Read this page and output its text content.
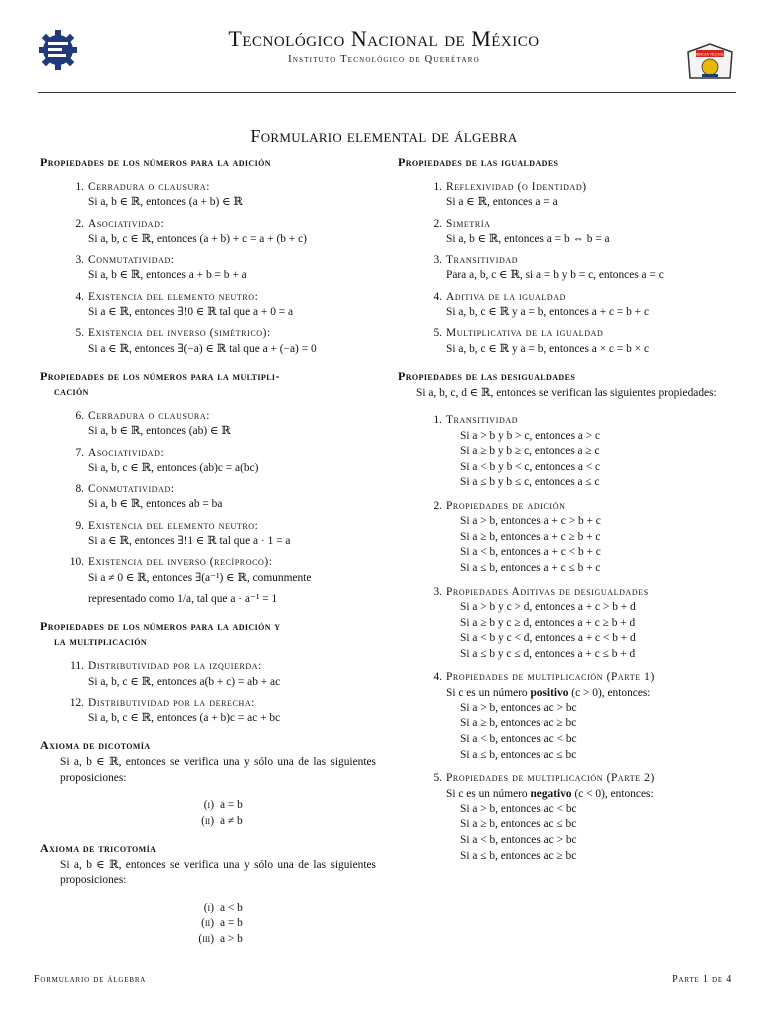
Tecnológico Nacional de México
Instituto Tecnológico de Querétaro	CIENCIA TÉCNICA
Formulario elemental de álgebra
Propiedades de los números para la adición
1. Cerradura o clausura:
Si a, b ∈ ℝ, entonces (a + b) ∈ ℝ
2. Asociatividad:
Si a, b, c ∈ ℝ, entonces (a + b) + c = a + (b + c)
3. Conmutatividad:
Si a, b ∈ ℝ, entonces a + b = b + a
4. Existencia del elemento neutro:
Si a ∈ ℝ, entonces ∃!0 ∈ ℝ tal que a + 0 = a
5. Existencia del inverso (simétrico):
Si a ∈ ℝ, entonces ∃(−a) ∈ ℝ tal que a + (−a) = 0
Propiedades de los números para la multipli-
cación
6. Cerradura o clausura:
Si a, b ∈ ℝ, entonces (ab) ∈ ℝ
7. Asociatividad:
Si a, b, c ∈ ℝ, entonces (ab)c = a(bc)
8. Conmutatividad:
Si a, b ∈ ℝ, entonces ab = ba
9. Existencia del elemento neutro:
Si a ∈ ℝ, entonces ∃!1 ∈ ℝ tal que a · 1 = a
10. Existencia del inverso (recíproco):
Si a ≠ 0 ∈ ℝ, entonces ∃(a⁻¹) ∈ ℝ, comunmente
representado como 1/a, tal que a · a⁻¹ = 1
Propiedades de los números para la adición y
la multiplicación
11. Distributividad por la izquierda:
Si a, b, c ∈ ℝ, entonces a(b + c) = ab + ac
12. Distributividad por la derecha:
Si a, b, c ∈ ℝ, entonces (a + b)c = ac + bc
Axioma de dicotomía
Si a, b ∈ ℝ, entonces se verifica una y sólo una de las siguientes proposiciones:
(i) a = b
(ii) a ≠ b
Axioma de tricotomía
Si a, b ∈ ℝ, entonces se verifica una y sólo una de las siguientes proposiciones:
(i) a < b
(ii) a = b
(iii) a > b
Propiedades de las igualdades
1. Reflexividad (o Identidad)
Si a ∈ ℝ, entonces a = a
2. Simetría
Si a, b ∈ ℝ, entonces a = b ⇔ b = a
3. Transitividad
Para a, b, c ∈ ℝ, si a = b y b = c, entonces a = c
4. Aditiva de la igualdad
Si a, b, c ∈ ℝ y a = b, entonces a + c = b + c
5. Multiplicativa de la igualdad
Si a, b, c ∈ ℝ y a = b, entonces a × c = b × c
Propiedades de las desigualdades
Si a, b, c, d ∈ ℝ, entonces se verifican las siguientes propiedades:
1. Transitividad
Si a > b y b > c, entonces a > c
Si a ≥ b y b ≥ c, entonces a ≥ c
Si a < b y b < c, entonces a < c
Si a ≤ b y b ≤ c, entonces a ≤ c
2. Propiedades de adición
Si a > b, entonces a + c > b + c
Si a ≥ b, entonces a + c ≥ b + c
Si a < b, entonces a + c < b + c
Si a ≤ b, entonces a + c ≤ b + c
3. Propiedades Aditivas de desigualdades
Si a > b y c > d, entonces a + c > b + d
Si a ≥ b y c ≥ d, entonces a + c ≥ b + d
Si a < b y c < d, entonces a + c < b + d
Si a ≤ b y c ≤ d, entonces a + c ≤ b + d
4. Propiedades de multiplicación (Parte 1)
Si c es un número positivo (c > 0), entonces:
Si a > b, entonces ac > bc
Si a ≥ b, entonces ac ≥ bc
Si a < b, entonces ac < bc
Si a ≤ b, entonces ac ≤ bc
5. Propiedades de multiplicación (Parte 2)
Si c es un número negativo (c < 0), entonces:
Si a > b, entonces ac < bc
Si a ≥ b, entonces ac ≤ bc
Si a < b, entonces ac > bc
Si a ≤ b, entonces ac ≥ bc
Formulario de álgebra	Parte 1 de 4
